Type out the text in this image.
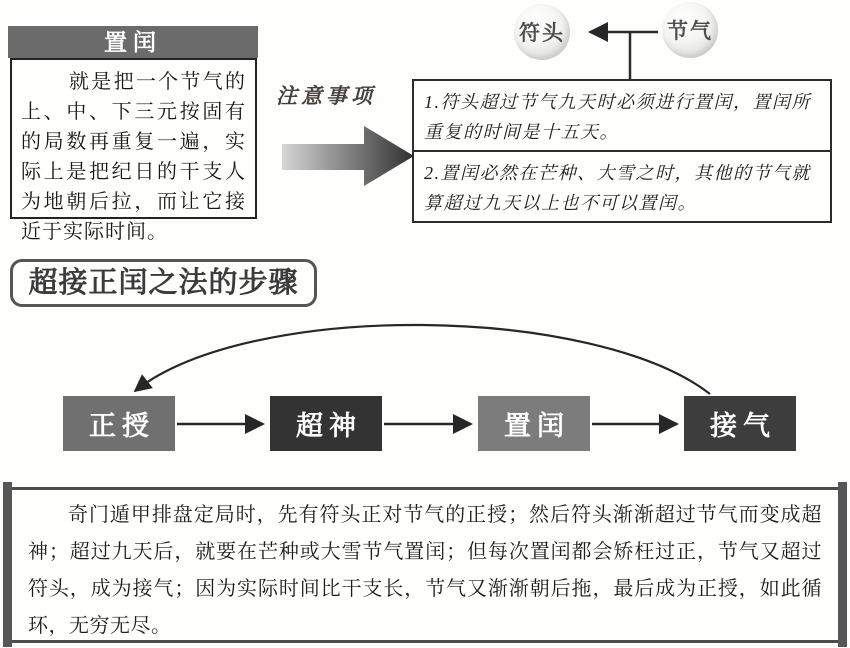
置闰
就是把一个节气的上、中、下三元按固有的局数再重复一遍，实际上是把纪日的干支人为地朝后拉，而让它接近于实际时间。
注意事项
符头	节气
1.符头超过节气九天时必须进行置闰，置闰所重复的时间是十五天。
2.置闰必然在芒种、大雪之时，其他的节气就算超过九天以上也不可以置闰。
超接正闰之法的步骤
正授	超神	置闰	接气
奇门遁甲排盘定局时，先有符头正对节气的正授；然后符头渐渐超过节气而变成超神；超过九天后，就要在芒种或大雪节气置闰；但每次置闰都会矫枉过正，节气又超过符头，成为接气；因为实际时间比干支长，节气又渐渐朝后拖，最后成为正授，如此循环，无穷无尽。
